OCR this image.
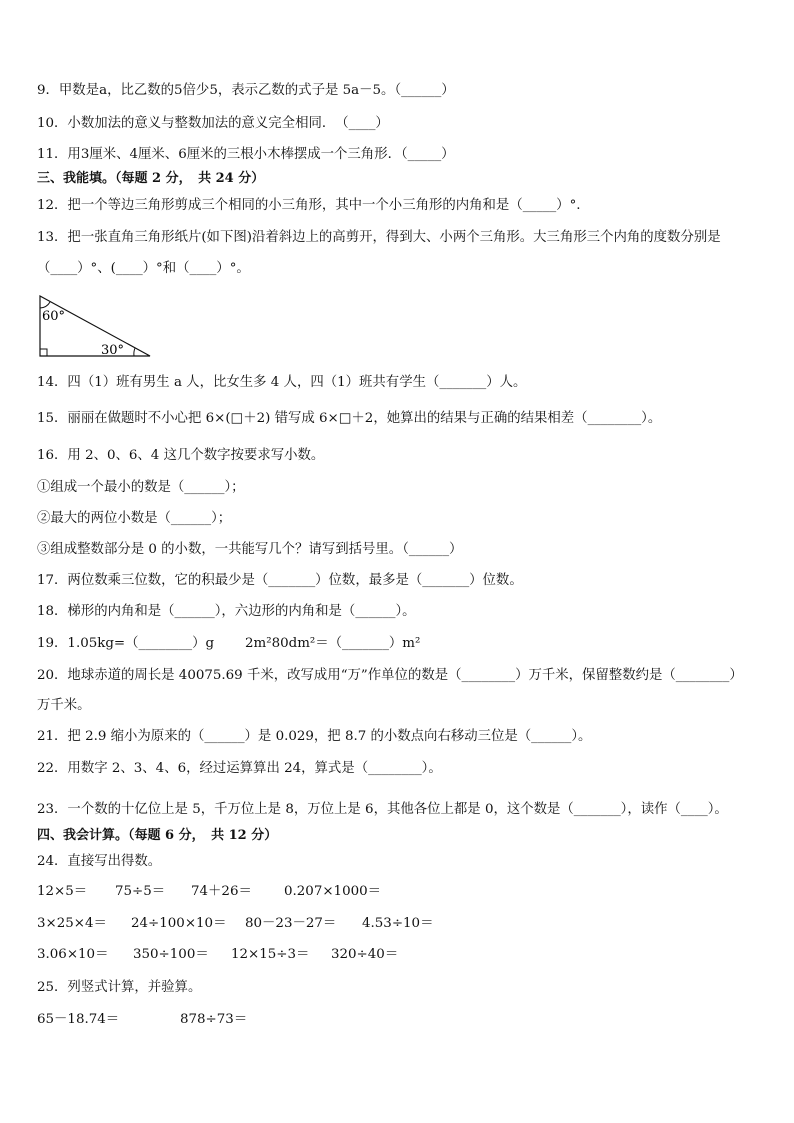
9．甲数是a，比乙数的5倍少5，表示乙数的式子是 5a－5。（______）
10．小数加法的意义与整数加法的意义完全相同．　（____）
11．用3厘米、4厘米、6厘米的三根小木棒摆成一个三角形．（_____）
三、我能填。（每题 2 分，　共 24 分）
12．把一个等边三角形剪成三个相同的小三角形，其中一个小三角形的内角和是（_____）°.
13．把一张直角三角形纸片(如下图)沿着斜边上的高剪开，得到大、小两个三角形。大三角形三个内角的度数分别是
（____）°、(____）°和（____）°。
60°
30°
14．四（1）班有男生 a 人，比女生多 4 人，四（1）班共有学生（_______）人。
15．丽丽在做题时不小心把 6×(□＋2) 错写成 6×□＋2，她算出的结果与正确的结果相差（________）。
16．用 2、0、6、4 这几个数字按要求写小数。
①组成一个最小的数是（______）；
②最大的两位小数是（______）；
③组成整数部分是 0 的小数，一共能写几个？请写到括号里。（______）
17．两位数乘三位数，它的积最少是（_______）位数，最多是（_______）位数。
18．梯形的内角和是（______），六边形的内角和是（______）。
19．1.05kg=（________）g	2m²80dm²＝（_______）m²
20．地球赤道的周长是 40075.69 千米，改写成用“万”作单位的数是（________）万千米，保留整数约是（________）
万千米。
21．把 2.9 缩小为原来的（______）是 0.029，把 8.7 的小数点向右移动三位是（______）。
22．用数字 2、3、4、6，经过运算算出 24，算式是（________）。
23．一个数的十亿位上是 5，千万位上是 8，万位上是 6，其他各位上都是 0，这个数是（_______），读作（____）。
四、我会计算。（每题 6 分，　共 12 分）
24．直接写出得数。
12×5＝ 75÷5＝ 74＋26＝ 0.207×1000＝
3×25×4＝ 24÷100×10＝ 80－23－27＝ 4.53÷10＝
3.06×10＝ 350÷100＝ 12×15÷3＝ 320÷40＝
25．列竖式计算，并验算。
65－18.74＝	878÷73＝
